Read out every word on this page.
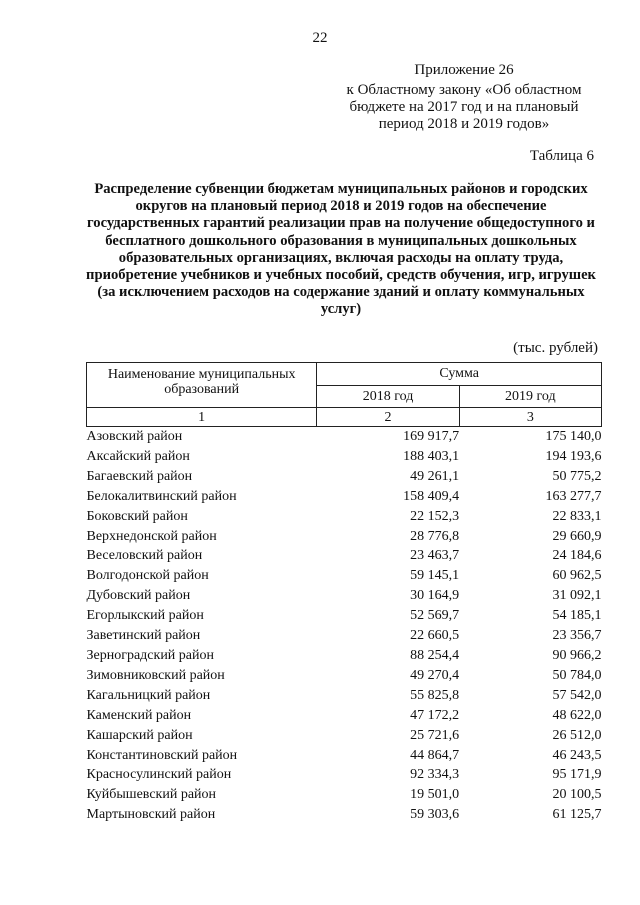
22
Приложение 26
к Областному закону «Об областном бюджете на 2017 год и на плановый период 2018 и 2019 годов»
Таблица 6
Распределение субвенции бюджетам муниципальных районов и городских округов на плановый период 2018 и 2019 годов на обеспечение государственных гарантий реализации прав на получение общедоступного и бесплатного дошкольного образования в муниципальных дошкольных образовательных организациях, включая расходы на оплату труда, приобретение учебников и учебных пособий, средств обучения, игр, игрушек (за исключением расходов на содержание зданий и оплату коммунальных услуг)
(тыс. рублей)
Наименование муниципальных образований	Сумма	
	2018 год	2019 год
1	2	3
Азовский район	169 917,7	175 140,0
Аксайский район	188 403,1	194 193,6
Багаевский район	49 261,1	50 775,2
Белокалитвинский район	158 409,4	163 277,7
Боковский район	22 152,3	22 833,1
Верхнедонской район	28 776,8	29 660,9
Веселовский район	23 463,7	24 184,6
Волгодонской район	59 145,1	60 962,5
Дубовский район	30 164,9	31 092,1
Егорлыкский район	52 569,7	54 185,1
Заветинский район	22 660,5	23 356,7
Зерноградский район	88 254,4	90 966,2
Зимовниковский район	49 270,4	50 784,0
Кагальницкий район	55 825,8	57 542,0
Каменский район	47 172,2	48 622,0
Кашарский район	25 721,6	26 512,0
Константиновский район	44 864,7	46 243,5
Красносулинский район	92 334,3	95 171,9
Куйбышевский район	19 501,0	20 100,5
Мартыновский район	59 303,6	61 125,7
